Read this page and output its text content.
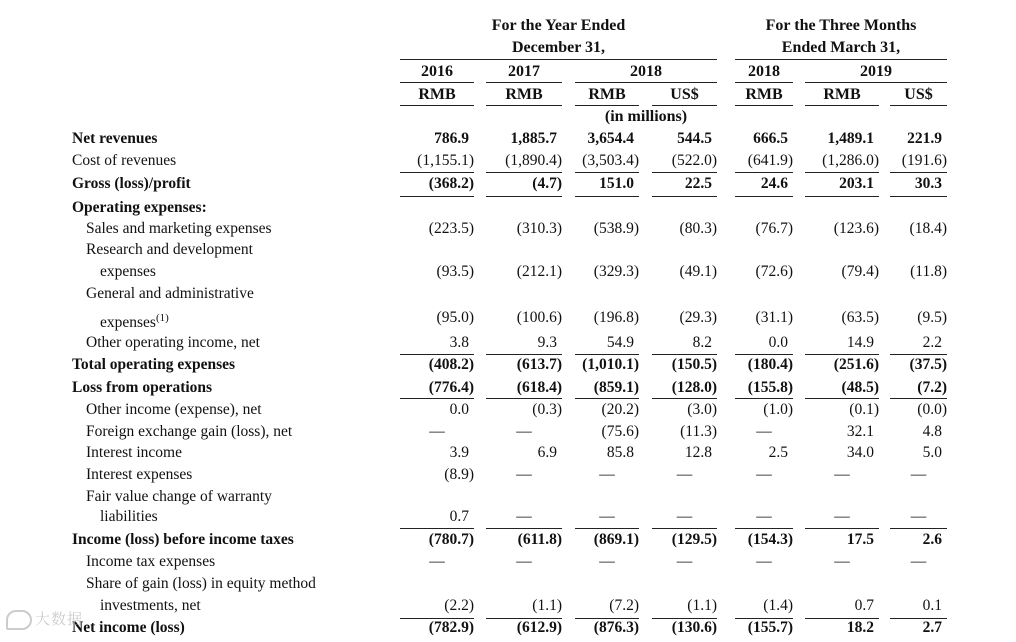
For the Year Ended
December 31,
For the Three Months
Ended March 31,
2016	2017	2018	2018	2019
RMB	RMB	RMB	US$	RMB	RMB	US$
(in millions)
Net revenues	786.9	1,885.7	3,654.4	544.5	666.5	1,489.1	221.9
Cost of revenues	(1,155.1)	(1,890.4)	(3,503.4)	(522.0)	(641.9)	(1,286.0)	(191.6)
Gross (loss)/profit	(368.2)	(4.7)	151.0	22.5	24.6	203.1	30.3
Operating expenses:
Sales and marketing expenses	(223.5)	(310.3)	(538.9)	(80.3)	(76.7)	(123.6)	(18.4)
Research and development
expenses	(93.5)	(212.1)	(329.3)	(49.1)	(72.6)	(79.4)	(11.8)
General and administrative
expenses$^{(1)}$	(95.0)	(100.6)	(196.8)	(29.3)	(31.1)	(63.5)	(9.5)
Other operating income, net	3.8	9.3	54.9	8.2	0.0	14.9	2.2
Total operating expenses	(408.2)	(613.7)	(1,010.1)	(150.5)	(180.4)	(251.6)	(37.5)
Loss from operations	(776.4)	(618.4)	(859.1)	(128.0)	(155.8)	(48.5)	(7.2)
Other income (expense), net	0.0	(0.3)	(20.2)	(3.0)	(1.0)	(0.1)	(0.0)
Foreign exchange gain (loss), net	—	—	(75.6)	(11.3)	—	32.1	4.8
Interest income	3.9	6.9	85.8	12.8	2.5	34.0	5.0
Interest expenses	(8.9)	—	—	—	—	—	—
Fair value change of warranty
liabilities	0.7	—	—	—	—	—	—
Income (loss) before income taxes	(780.7)	(611.8)	(869.1)	(129.5)	(154.3)	17.5	2.6
Income tax expenses	—	—	—	—	—	—	—
Share of gain (loss) in equity method
investments, net	(2.2)	(1.1)	(7.2)	(1.1)	(1.4)	0.7	0.1
Net income (loss)	(782.9)	(612.9)	(876.3)	(130.6)	(155.7)	18.2	2.7
大数据
